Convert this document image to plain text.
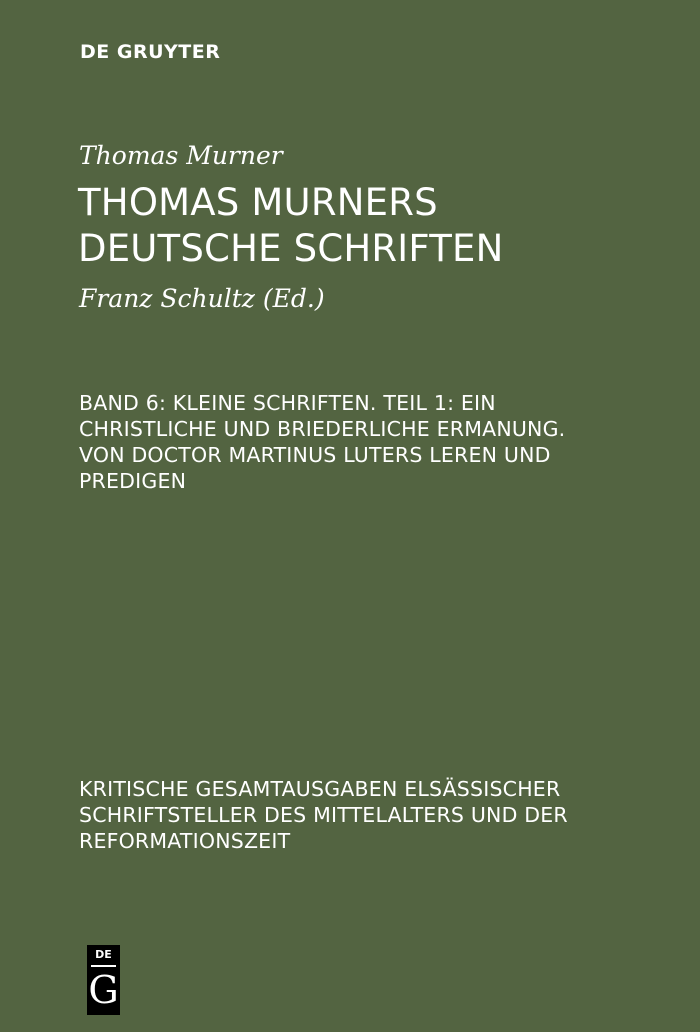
DE GRUYTER
Thomas Murner
THOMAS MURNERS
DEUTSCHE SCHRIFTEN
Franz Schultz (Ed.)
BAND 6: KLEINE SCHRIFTEN. TEIL 1: EIN
CHRISTLICHE UND BRIEDERLICHE ERMANUNG.
VON DOCTOR MARTINUS LUTERS LEREN UND
PREDIGEN
KRITISCHE GESAMTAUSGABEN ELSÄSSISCHER
SCHRIFTSTELLER DES MITTELALTERS UND DER
REFORMATIONSZEIT
DE
G
